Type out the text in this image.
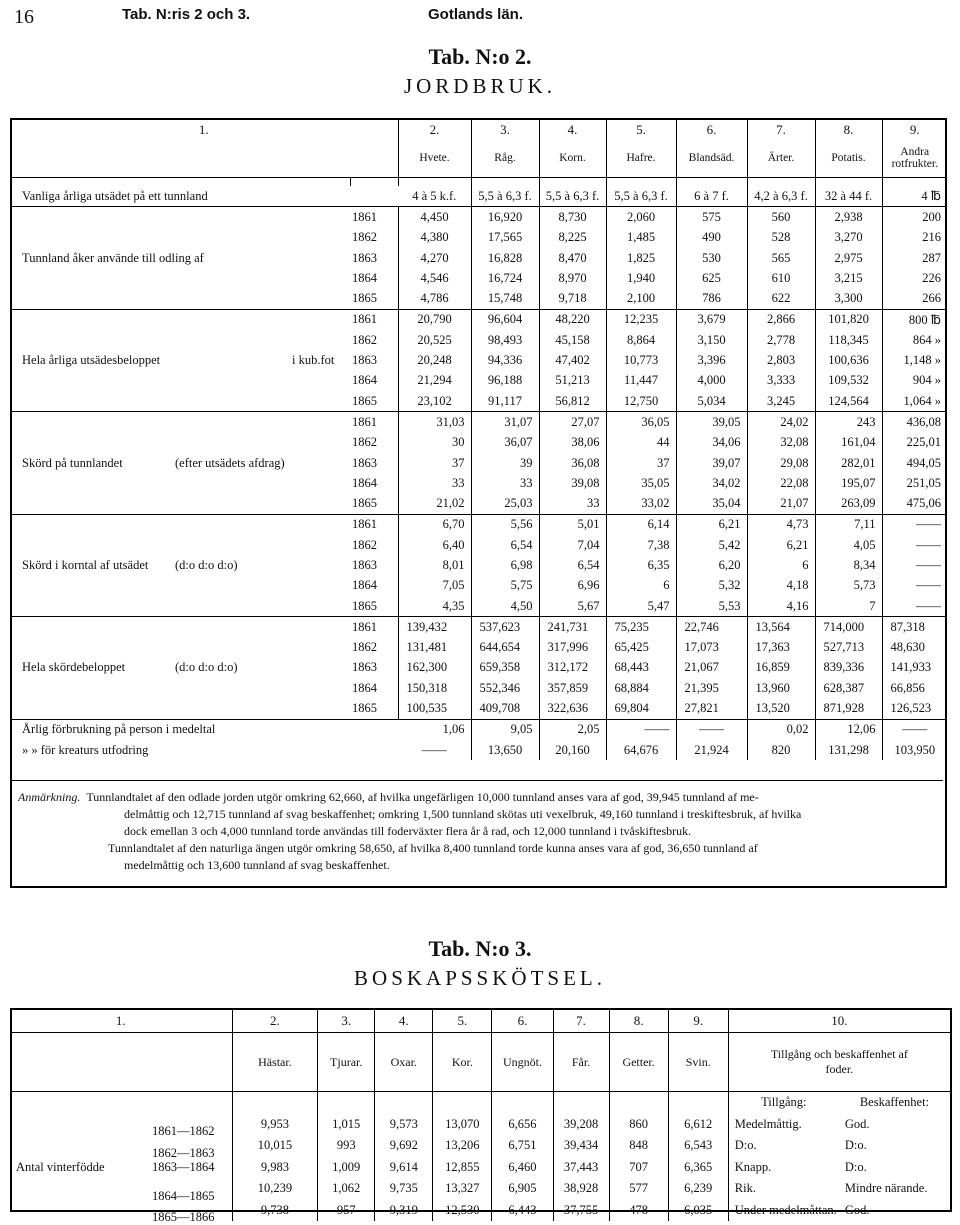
16	Tab. N:ris 2 och 3.	Gotlands län.
Tab. N:o 2.
JORDBRUK.
1.		2.	3.	4.	5.	6.	7.	8.	9.
		Hvete.	Råg.	Korn.	Hafre.	Blandsäd.	Ärter.	Potatis.	Andra rotfrukter.

Vanliga årliga utsädet på ett tunnland		4 à 5 k.f.	5,5 à 6,3 f.	5,5 à 6,3 f.	5,5 à 6,3 f.	6 à 7 f.	4,2 à 6,3 f.	32 à 44 f.	4 ℔
	1861	4,450	16,920	8,730	2,060	575	560	2,938	200
	1862	4,380	17,565	8,225	1,485	490	528	3,270	216
Tunnland åker använde till odling af	1863	4,270	16,828	8,470	1,825	530	565	2,975	287
	1864	4,546	16,724	8,970	1,940	625	610	3,215	226
	1865	4,786	15,748	9,718	2,100	786	622	3,300	266
	1861	20,790	96,604	48,220	12,235	3,679	2,866	101,820	800 ℔
	1862	20,525	98,493	45,158	8,864	3,150	2,778	118,345	864 »
Hela årliga utsädesbeloppet i kub.fot	1863	20,248	94,336	47,402	10,773	3,396	2,803	100,636	1,148 »
	1864	21,294	96,188	51,213	11,447	4,000	3,333	109,532	904 »
	1865	23,102	91,117	56,812	12,750	5,034	3,245	124,564	1,064 »
	1861	31,03	31,07	27,07	36,05	39,05	24,02	243	436,08
	1862	30	36,07	38,06	44	34,06	32,08	161,04	225,01
Skörd på tunnlandet (efter utsädets afdrag)	1863	37	39	36,08	37	39,07	29,08	282,01	494,05
	1864	33	33	39,08	35,05	34,02	22,08	195,07	251,05
	1865	21,02	25,03	33	33,02	35,04	21,07	263,09	475,06
	1861	6,70	5,56	5,01	6,14	6,21	4,73	7,11	——
	1862	6,40	6,54	7,04	7,38	5,42	6,21	4,05	——
Skörd i korntal af utsädet (d:o d:o d:o)	1863	8,01	6,98	6,54	6,35	6,20	6	8,34	——
	1864	7,05	5,75	6,96	6	5,32	4,18	5,73	——
	1865	4,35	4,50	5,67	5,47	5,53	4,16	7	——
	1861	139,432	537,623	241,731	75,235	22,746	13,564	714,000	87,318
	1862	131,481	644,654	317,996	65,425	17,073	17,363	527,713	48,630
Hela skördebeloppet (d:o d:o d:o)	1863	162,300	659,358	312,172	68,443	21,067	16,859	839,336	141,933
	1864	150,318	552,346	357,859	68,884	21,395	13,960	628,387	66,856
	1865	100,535	409,708	322,636	69,804	27,821	13,520	871,928	126,523
Årlig förbrukning på person i medeltal		1,06	9,05	2,05	——	——	0,02	12,06	——
» » för kreaturs utfodring		——	13,650	20,160	64,676	21,924	820	131,298	103,950

Anmärkning. Tunnlandtalet af den odlade jorden utgör omkring 62,660, af hvilka ungefärligen 10,000 tunnland anses vara af god, 39,945 tunnland af me-

delmåttig och 12,715 tunnland af svag beskaffenhet; omkring 1,500 tunnland skötas uti vexelbruk, 49,160 tunnland i treskiftesbruk, af hvilka

dock emellan 3 och 4,000 tunnland torde användas till foderväxter flera år å rad, och 12,000 tunnland i tvåskiftesbruk.

Tunnlandtalet af den naturliga ängen utgör omkring 58,650, af hvilka 8,400 tunnland torde kunna anses vara af god, 36,650 tunnland af

medelmåttig och 13,600 tunnland af svag beskaffenhet.

Tab. N:o 3.
BOSKAPSSKÖTSEL.
1.	2.	3.	4.	5.	6.	7.	8.	9.	10.	
	Hästar.	Tjurar.	Oxar.	Kor.	Ungnöt.	Får.	Getter.	Svin.	Tillgång och beskaffenhet af foder.	
									Tillgång:	Beskaffenhet:

1861—1862	9,953	1,015	9,573	13,070	6,656	39,208	860	6,612	Medelmåttig.	God.

1862—1863	10,015	993	9,692	13,206	6,751	39,434	848	6,543	D:o.	D:o.
Antal vinterfödde 1863—1864	9,983	1,009	9,614	12,855	6,460	37,443	707	6,365	Knapp.	D:o.

1864—1865	10,239	1,062	9,735	13,327	6,905	38,928	577	6,239	Rik.	Mindre närande.

1865—1866	9,738	957	9,319	12,530	6,443	37,755	478	6,035	Under medelmåttan.	God.
